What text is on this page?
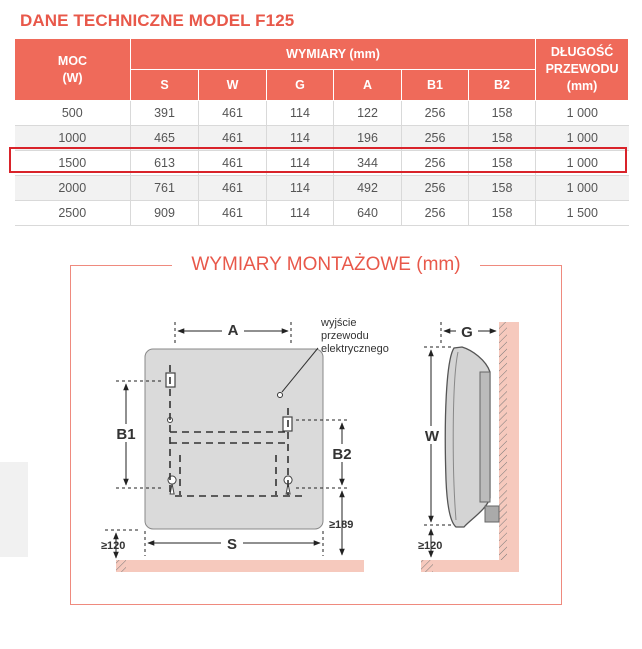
DANE TECHNICZNE MODEL F125
MOC
(W)	WYMIARY (mm)						DŁUGOŚĆ
PRZEWODU
(mm)
	S	W	G	A	B1	B2	
500	391	461	114	122	256	158	1 000
1000	465	461	114	196	256	158	1 000
1500	613	461	114	344	256	158	1 000
2000	761	461	114	492	256	158	1 000
2500	909	461	114	640	256	158	1 500
WYMIARY MONTAŻOWE (mm)
A	wyjście
przewodu
elektrycznego
B1
B2
≥189
S
≥120
G
W
≥120
